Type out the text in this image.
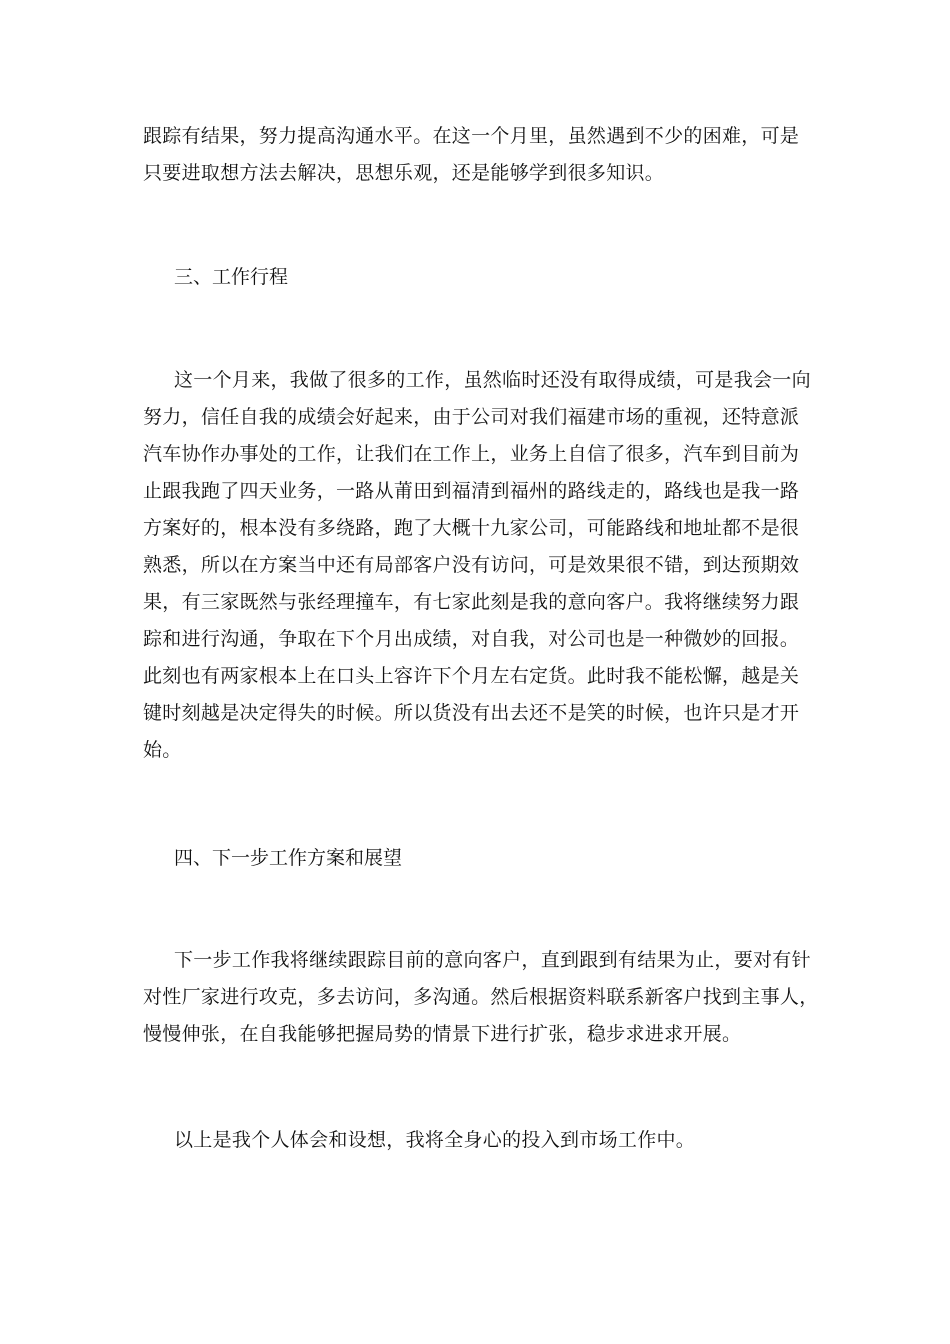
跟踪有结果，努力提高沟通水平。在这一个月里，虽然遇到不少的困难，可是
只要进取想方法去解决，思想乐观，还是能够学到很多知识。

三、工作行程

这一个月来，我做了很多的工作，虽然临时还没有取得成绩，可是我会一向
努力，信任自我的成绩会好起来，由于公司对我们福建市场的重视，还特意派
汽车协作办事处的工作，让我们在工作上，业务上自信了很多，汽车到目前为
止跟我跑了四天业务，一路从莆田到福清到福州的路线走的，路线也是我一路
方案好的，根本没有多绕路，跑了大概十九家公司，可能路线和地址都不是很
熟悉，所以在方案当中还有局部客户没有访问，可是效果很不错，到达预期效
果，有三家既然与张经理撞车，有七家此刻是我的意向客户。我将继续努力跟
踪和进行沟通，争取在下个月出成绩，对自我，对公司也是一种微妙的回报。
此刻也有两家根本上在口头上容许下个月左右定货。此时我不能松懈，越是关
键时刻越是决定得失的时候。所以货没有出去还不是笑的时候，也许只是才开
始。

四、下一步工作方案和展望

下一步工作我将继续跟踪目前的意向客户，直到跟到有结果为止，要对有针
对性厂家进行攻克，多去访问，多沟通。然后根据资料联系新客户找到主事人，
慢慢伸张，在自我能够把握局势的情景下进行扩张，稳步求进求开展。

以上是我个人体会和设想，我将全身心的投入到市场工作中。
